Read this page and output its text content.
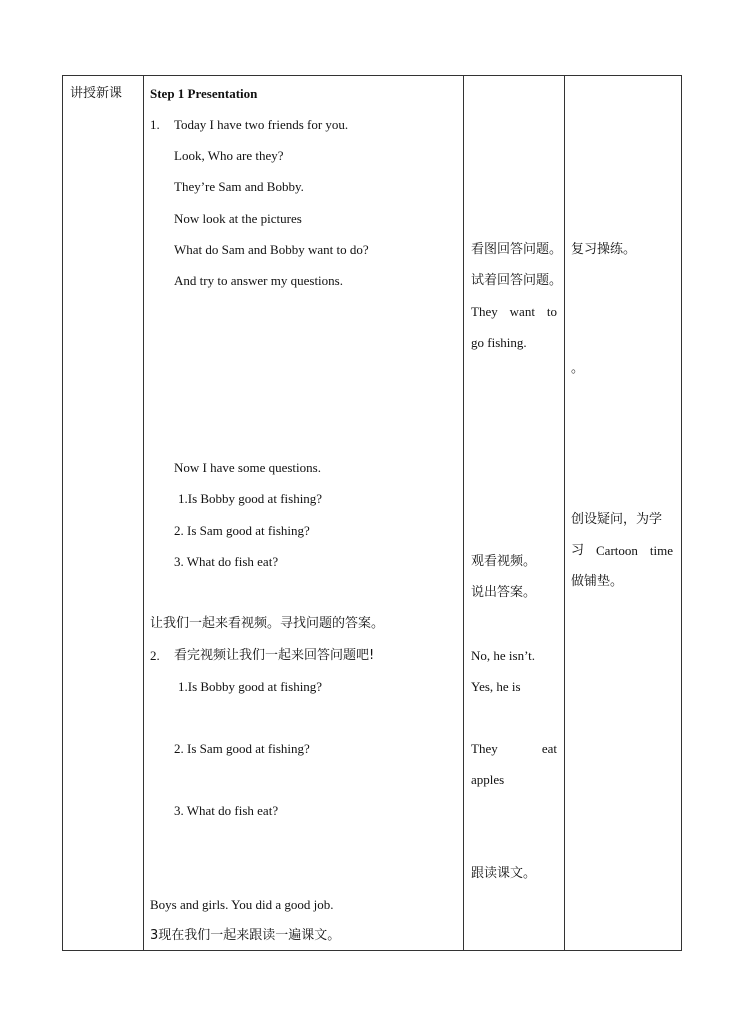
讲授新课 Step 1 Presentation
1. Today I have two friends for you.
Look, Who are they?
They’re Sam and Bobby.
Now look at the pictures
What do Sam and Bobby want to do?
And try to answer my questions.
Now I have some questions.
1.Is Bobby good at fishing?
2. Is Sam good at fishing?
3. What do fish eat?
让我们一起来看视频。寻找问题的答案。
2. 看完视频让我们一起来回答问题吧!
1.Is Bobby good at fishing?
2. Is Sam good at fishing?
3. What do fish eat?
Boys and girls. You did a good job.
3现在我们一起来跟读一遍课文。
看图回答问题。
试着回答问题。
They want to
go fishing.
观看视频。
说出答案。
No, he isn’t.
Yes, he is
They	eat
apples
跟读课文。
复习操练。
。
创设疑问，为学
习 Cartoon time
做铺垫。
